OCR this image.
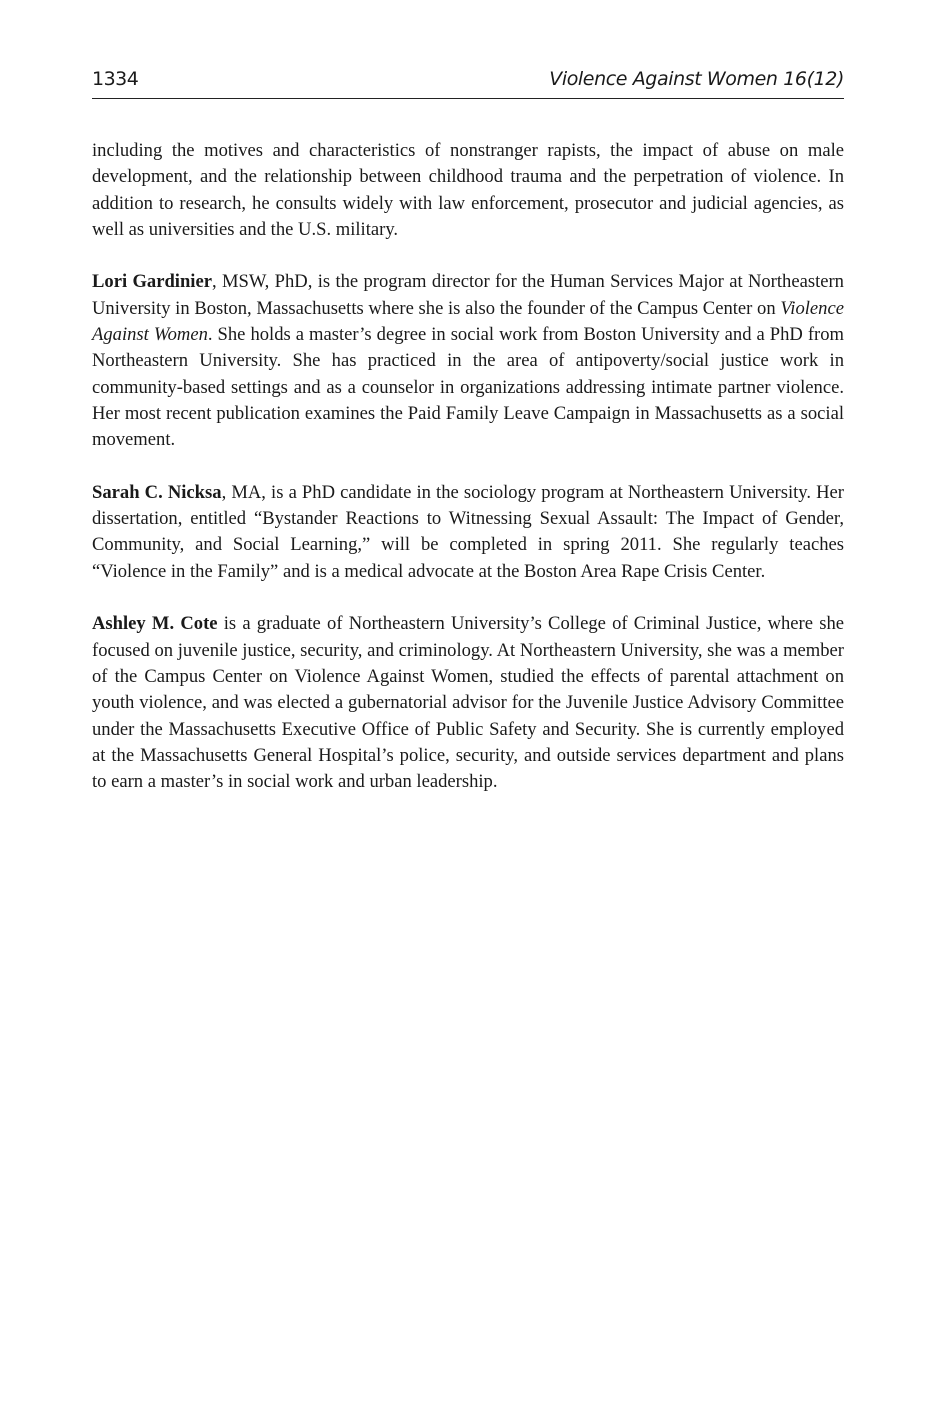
1334	Violence Against Women 16(12)

including the motives and characteristics of nonstranger rapists, the impact of abuse on male development, and the relationship between childhood trauma and the perpetration of violence. In addition to research, he consults widely with law enforcement, prosecutor and judicial agencies, as well as universities and the U.S. military.

Lori Gardinier, MSW, PhD, is the program director for the Human Services Major at Northeastern University in Boston, Massachusetts where she is also the founder of the Campus Center on Violence Against Women. She holds a master’s degree in social work from Boston University and a PhD from Northeastern University. She has practiced in the area of antipoverty/social justice work in community-based settings and as a counselor in organizations addressing intimate partner violence. Her most recent publication examines the Paid Family Leave Campaign in Massachusetts as a social movement.

Sarah C. Nicksa, MA, is a PhD candidate in the sociology program at Northeastern University. Her dissertation, entitled “Bystander Reactions to Witnessing Sexual Assault: The Impact of Gender, Community, and Social Learning,” will be completed in spring 2011. She regularly teaches “Violence in the Family” and is a medical advocate at the Boston Area Rape Crisis Center.

Ashley M. Cote is a graduate of Northeastern University’s College of Criminal Justice, where she focused on juvenile justice, security, and criminology. At Northeastern University, she was a member of the Campus Center on Violence Against Women, studied the effects of parental attachment on youth violence, and was elected a gubernatorial advisor for the Juvenile Justice Advisory Committee under the Massachusetts Executive Office of Public Safety and Security. She is currently employed at the Massachusetts General Hospital’s police, security, and outside services department and plans to earn a master’s in social work and urban leadership.
